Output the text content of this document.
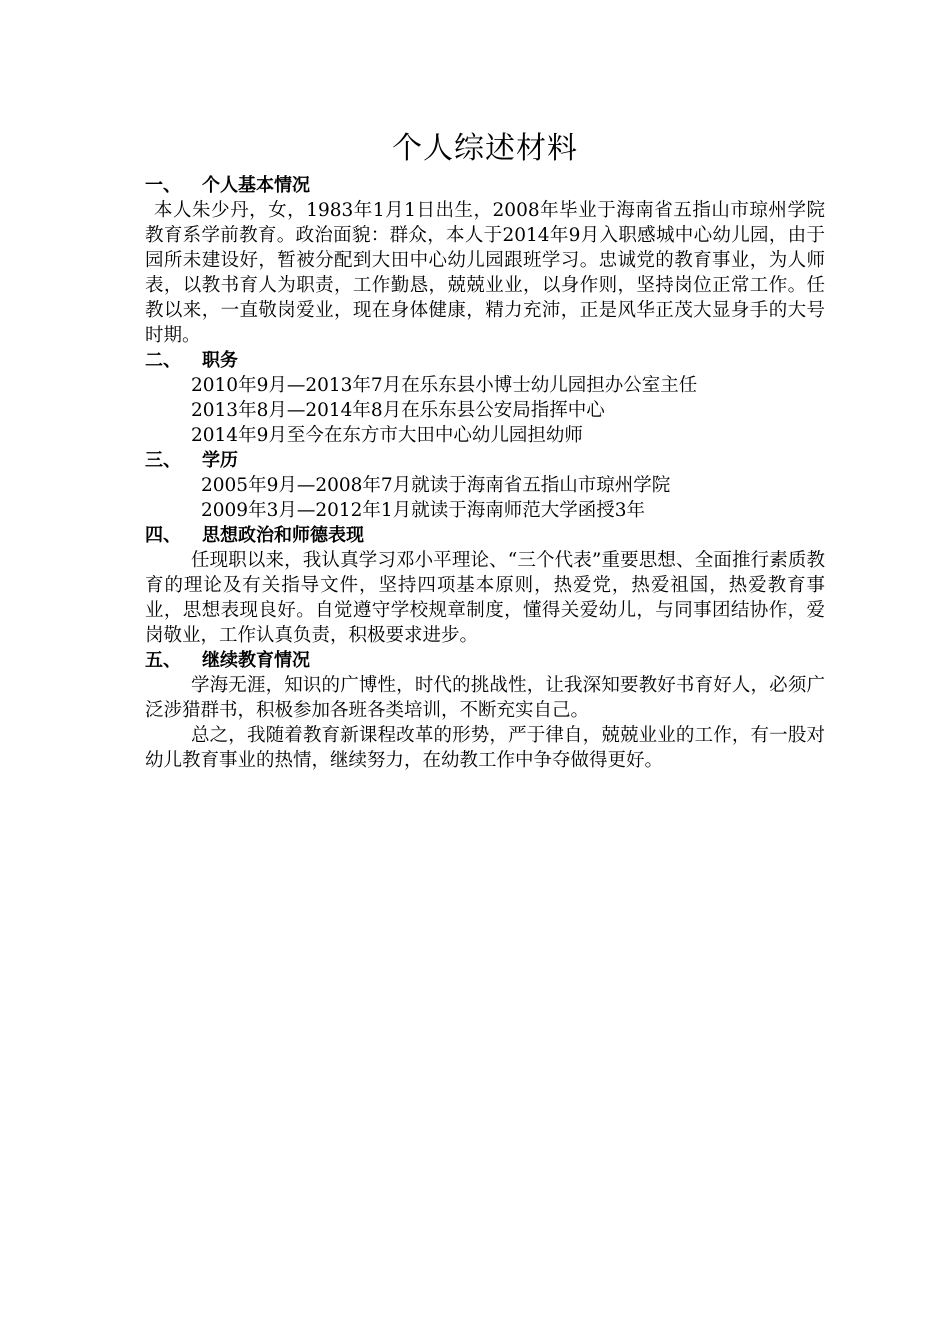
个人综述材料

一、 个人基本情况

本人朱少丹，女，1983年1月1日出生，2008年毕业于海南省五指山市琼州学院教育系学前教育。政治面貌：群众，本人于2014年9月入职感城中心幼儿园，由于园所未建设好，暂被分配到大田中心幼儿园跟班学习。忠诚党的教育事业，为人师表，以教书育人为职责，工作勤恳，兢兢业业，以身作则，坚持岗位正常工作。任教以来，一直敬岗爱业，现在身体健康，精力充沛，正是风华正茂大显身手的大号时期。

二、 职务

2010年9月—2013年7月在乐东县小博士幼儿园担办公室主任

2013年8月—2014年8月在乐东县公安局指挥中心

2014年9月至今在东方市大田中心幼儿园担幼师

三、 学历

2005年9月—2008年7月就读于海南省五指山市琼州学院

2009年3月—2012年1月就读于海南师范大学函授3年

四、 思想政治和师德表现

任现职以来，我认真学习邓小平理论、“三个代表”重要思想、全面推行素质教育的理论及有关指导文件，坚持四项基本原则，热爱党，热爱祖国，热爱教育事业，思想表现良好。自觉遵守学校规章制度，懂得关爱幼儿，与同事团结协作，爱岗敬业，工作认真负责，积极要求进步。

五、 继续教育情况

学海无涯，知识的广博性，时代的挑战性，让我深知要教好书育好人，必须广泛涉猎群书，积极参加各班各类培训，不断充实自己。

总之，我随着教育新课程改革的形势，严于律自，兢兢业业的工作，有一股对幼儿教育事业的热情，继续努力，在幼教工作中争夺做得更好。
